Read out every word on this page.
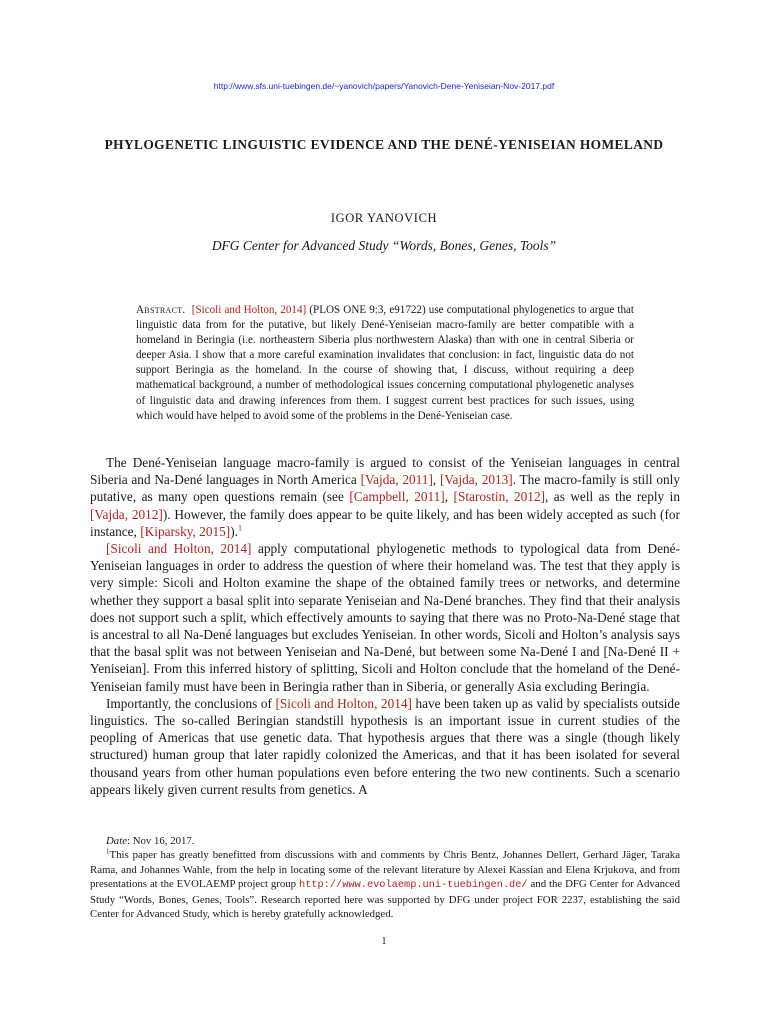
http://www.sfs.uni-tuebingen.de/~yanovich/papers/Yanovich-Dene-Yeniseian-Nov-2017.pdf
PHYLOGENETIC LINGUISTIC EVIDENCE AND THE DENÉ-YENISEIAN HOMELAND
IGOR YANOVICH
DFG Center for Advanced Study “Words, Bones, Genes, Tools”
Abstract. [Sicoli and Holton, 2014] (PLOS ONE 9:3, e91722) use computational phylogenetics to argue that linguistic data from for the putative, but likely Dené-Yeniseian macro-family are better compatible with a homeland in Beringia (i.e. northeastern Siberia plus northwestern Alaska) than with one in central Siberia or deeper Asia. I show that a more careful examination invalidates that conclusion: in fact, linguistic data do not support Beringia as the homeland. In the course of showing that, I discuss, without requiring a deep mathematical background, a number of methodological issues concerning computational phylogenetic analyses of linguistic data and drawing inferences from them. I suggest current best practices for such issues, using which would have helped to avoid some of the problems in the Dené-Yeniseian case.

The Dené-Yeniseian language macro-family is argued to consist of the Yeniseian languages in central Siberia and Na-Dené languages in North America [Vajda, 2011], [Vajda, 2013]. The macro-family is still only putative, as many open questions remain (see [Campbell, 2011], [Starostin, 2012], as well as the reply in [Vajda, 2012]). However, the family does appear to be quite likely, and has been widely accepted as such (for instance, [Kiparsky, 2015]).$^1$

[Sicoli and Holton, 2014] apply computational phylogenetic methods to typological data from Dené-Yeniseian languages in order to address the question of where their homeland was. The test that they apply is very simple: Sicoli and Holton examine the shape of the obtained family trees or networks, and determine whether they support a basal split into separate Yeniseian and Na-Dené branches. They find that their analysis does not support such a split, which effectively amounts to saying that there was no Proto-Na-Dené stage that is ancestral to all Na-Dené languages but excludes Yeniseian. In other words, Sicoli and Holton’s analysis says that the basal split was not between Yeniseian and Na-Dené, but between some Na-Dené I and [Na-Dené II + Yeniseian]. From this inferred history of splitting, Sicoli and Holton conclude that the homeland of the Dené-Yeniseian family must have been in Beringia rather than in Siberia, or generally Asia excluding Beringia.

Importantly, the conclusions of [Sicoli and Holton, 2014] have been taken up as valid by specialists outside linguistics. The so-called Beringian standstill hypothesis is an important issue in current studies of the peopling of Americas that use genetic data. That hypothesis argues that there was a single (though likely structured) human group that later rapidly colonized the Americas, and that it has been isolated for several thousand years from other human populations even before entering the two new continents. Such a scenario appears likely given current results from genetics. A

Date: Nov 16, 2017.

$^1$This paper has greatly benefitted from discussions with and comments by Chris Bentz, Johannes Dellert, Gerhard Jäger, Taraka Rama, and Johannes Wahle, from the help in locating some of the relevant literature by Alexei Kassian and Elena Krjukova, and from presentations at the EVOLAEMP project group http://www.evolaemp.uni-tuebingen.de/ and the DFG Center for Advanced Study “Words, Bones, Genes, Tools”. Research reported here was supported by DFG under project FOR 2237, establishing the said Center for Advanced Study, which is hereby gratefully acknowledged.

1
